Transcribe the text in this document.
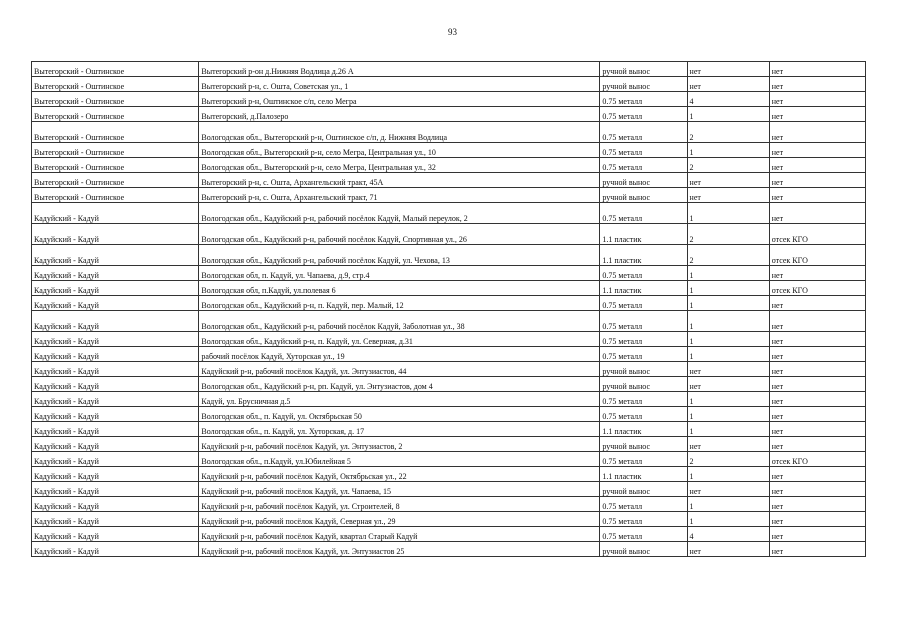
93
Вытегорский - Оштинское	Вытегорский р-он д.Нижняя Водлица д.26 А	ручной вынос	нет	нет
Вытегорский - Оштинское	Вытегорский р-н, с. Ошта, Советская ул., 1	ручной вынос	нет	нет
Вытегорский - Оштинское	Вытегорский р-н, Оштинское с/п, село Мегра	0.75 металл	4	нет
Вытегорский - Оштинское	Вытегорский, д.Палозеро	0.75 металл	1	нет
Вытегорский - Оштинское	Вологодская обл., Вытегорский р-н, Оштинское с/п, д. Нижняя Водлица	0.75 металл	2	нет
Вытегорский - Оштинское	Вологодская обл., Вытегорский р-н, село Мегра, Центральная ул., 10	0.75 металл	1	нет
Вытегорский - Оштинское	Вологодская обл., Вытегорский р-н, село Мегра, Центральная ул., 32	0.75 металл	2	нет
Вытегорский - Оштинское	Вытегорский р-н, с. Ошта, Архангельский тракт, 45А	ручной вынос	нет	нет
Вытегорский - Оштинское	Вытегорский р-н, с. Ошта, Архангельский тракт, 71	ручной вынос	нет	нет
Кадуйский - Кадуй	Вологодская обл., Кадуйский р-н, рабочий посёлок Кадуй, Малый переулок, 2	0.75 металл	1	нет
Кадуйский - Кадуй	Вологодская обл., Кадуйский р-н, рабочий посёлок Кадуй, Спортивная ул., 26	1.1 пластик	2	отсек КГО
Кадуйский - Кадуй	Вологодская обл., Кадуйский р-н, рабочий посёлок Кадуй, ул. Чехова, 13	1.1 пластик	2	отсек КГО
Кадуйский - Кадуй	Вологодская обл, п. Кадуй, ул. Чапаева, д.9, стр.4	0.75 металл	1	нет
Кадуйский - Кадуй	Вологодская обл, п.Кадуй, ул.полевая 6	1.1 пластик	1	отсек КГО
Кадуйский - Кадуй	Вологодская обл., Кадуйский р-н, п. Кадуй, пер. Малый, 12	0.75 металл	1	нет
Кадуйский - Кадуй	Вологодская обл., Кадуйский р-н, рабочий посёлок Кадуй, Заболотная ул., 38	0.75 металл	1	нет
Кадуйский - Кадуй	Вологодская обл., Кадуйский р-н, п. Кадуй, ул. Северная, д.31	0.75 металл	1	нет
Кадуйский - Кадуй	рабочий посёлок Кадуй, Хуторская ул., 19	0.75 металл	1	нет
Кадуйский - Кадуй	Кадуйский р-н, рабочий посёлок Кадуй, ул. Энтузиастов, 44	ручной вынос	нет	нет
Кадуйский - Кадуй	Вологодская обл., Кадуйский р-н, рп. Кадуй, ул. Энтузиастов, дом 4	ручной вынос	нет	нет
Кадуйский - Кадуй	Кадуй, ул. Брусничная д.5	0.75 металл	1	нет
Кадуйский - Кадуй	Вологодская обл., п. Кадуй, ул. Октябрьская 50	0.75 металл	1	нет
Кадуйский - Кадуй	Вологодская обл., п. Кадуй, ул. Хуторская, д. 17	1.1 пластик	1	нет
Кадуйский - Кадуй	Кадуйский р-н, рабочий посёлок Кадуй, ул. Энтузиастов, 2	ручной вынос	нет	нет
Кадуйский - Кадуй	Вологодская обл., п.Кадуй, ул.Юбилейная 5	0.75 металл	2	отсек КГО
Кадуйский - Кадуй	Кадуйский р-н, рабочий посёлок Кадуй, Октябрьская ул., 22	1.1 пластик	1	нет
Кадуйский - Кадуй	Кадуйский р-н, рабочий посёлок Кадуй, ул. Чапаева, 15	ручной вынос	нет	нет
Кадуйский - Кадуй	Кадуйский р-н, рабочий посёлок Кадуй, ул. Строителей, 8	0.75 металл	1	нет
Кадуйский - Кадуй	Кадуйский р-н, рабочий посёлок Кадуй, Северная ул., 29	0.75 металл	1	нет
Кадуйский - Кадуй	Кадуйский р-н, рабочий посёлок Кадуй, квартал Старый Кадуй	0.75 металл	4	нет
Кадуйский - Кадуй	Кадуйский р-н, рабочий посёлок Кадуй, ул. Энтузиастов 25	ручной вынос	нет	нет
